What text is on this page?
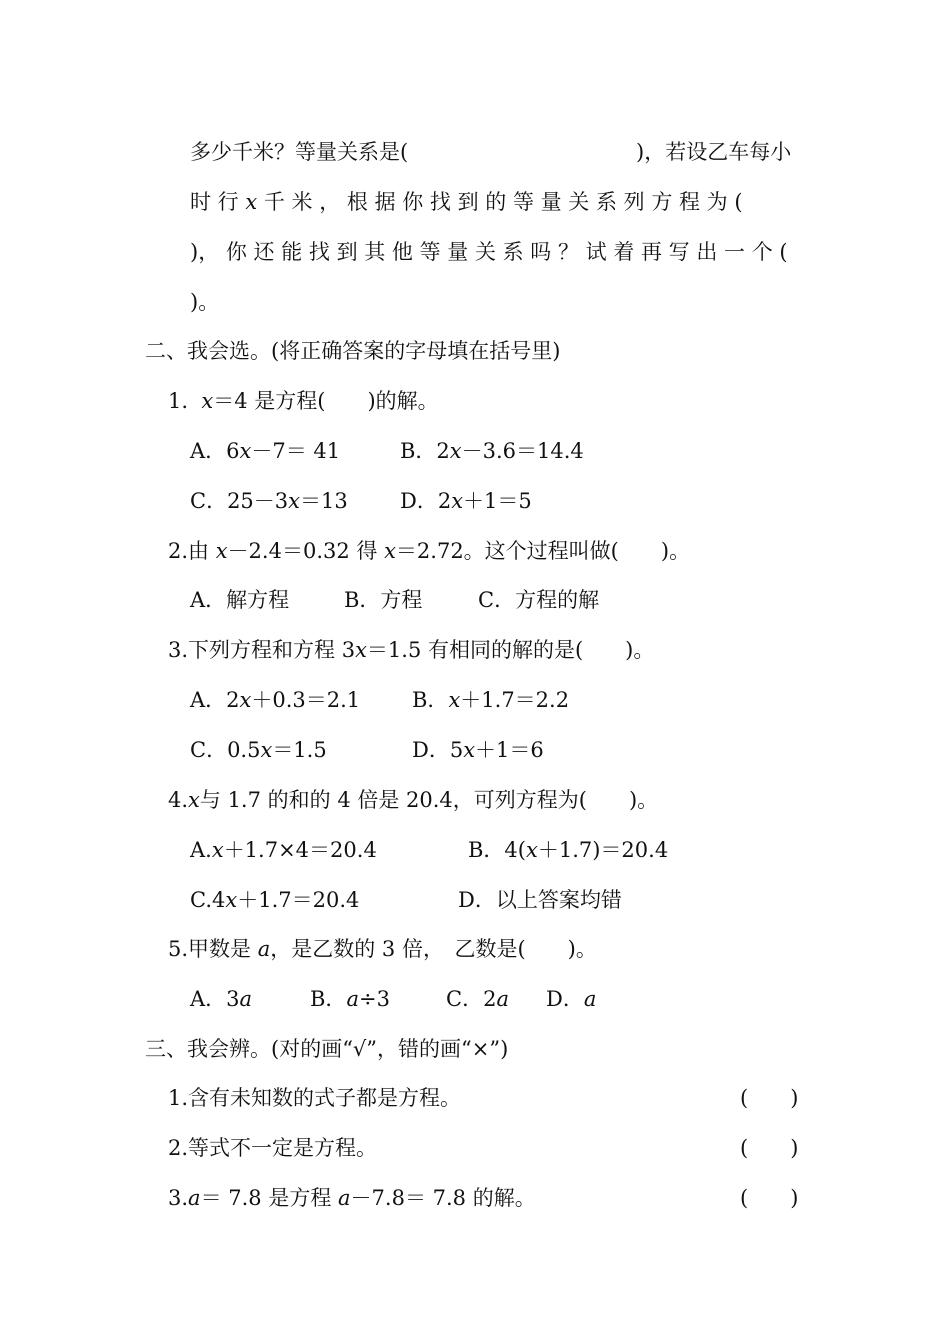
多少千米？等量关系是(	)，若设乙车每小
时 行 x 千 米 ， 根 据 你 找 到 的 等 量 关 系 列 方 程 为 (
)， 你 还 能 找 到 其 他 等 量 关 系 吗 ？ 试 着 再 写 出 一 个 (
)。
二、我会选。(将正确答案的字母填在括号里)
1. x＝4 是方程(　　)的解。
A．6x－7＝ 41	B．2x－3.6＝14.4
C．25－3x＝13 D．2x＋1＝5
2.由 x－2.4＝0.32 得 x＝2.72。这个过程叫做(　　)。
A．解方程	B．方程	C．方程的解
3.下列方程和方程 3x＝1.5 有相同的解的是(　　)。
A．2x＋0.3＝2.1 B．x＋1.7＝2.2
C．0.5x＝1.5	D．5x＋1＝6
4.x与 1.7 的和的 4 倍是 20.4，可列方程为(　　)。
A.x＋1.7×4＝20.4	B．4(x＋1.7)＝20.4
C.4x＋1.7＝20.4	D．以上答案均错
5.甲数是 a，是乙数的 3 倍，　乙数是(　　)。
A．3a	B．a÷3	C．2a D．a
三、我会辨。(对的画“√”，错的画“×”)
1.含有未知数的式子都是方程。	(　　)
2.等式不一定是方程。	(　　)
3.a＝ 7.8 是方程 a－7.8＝ 7.8 的解。	(　　)
